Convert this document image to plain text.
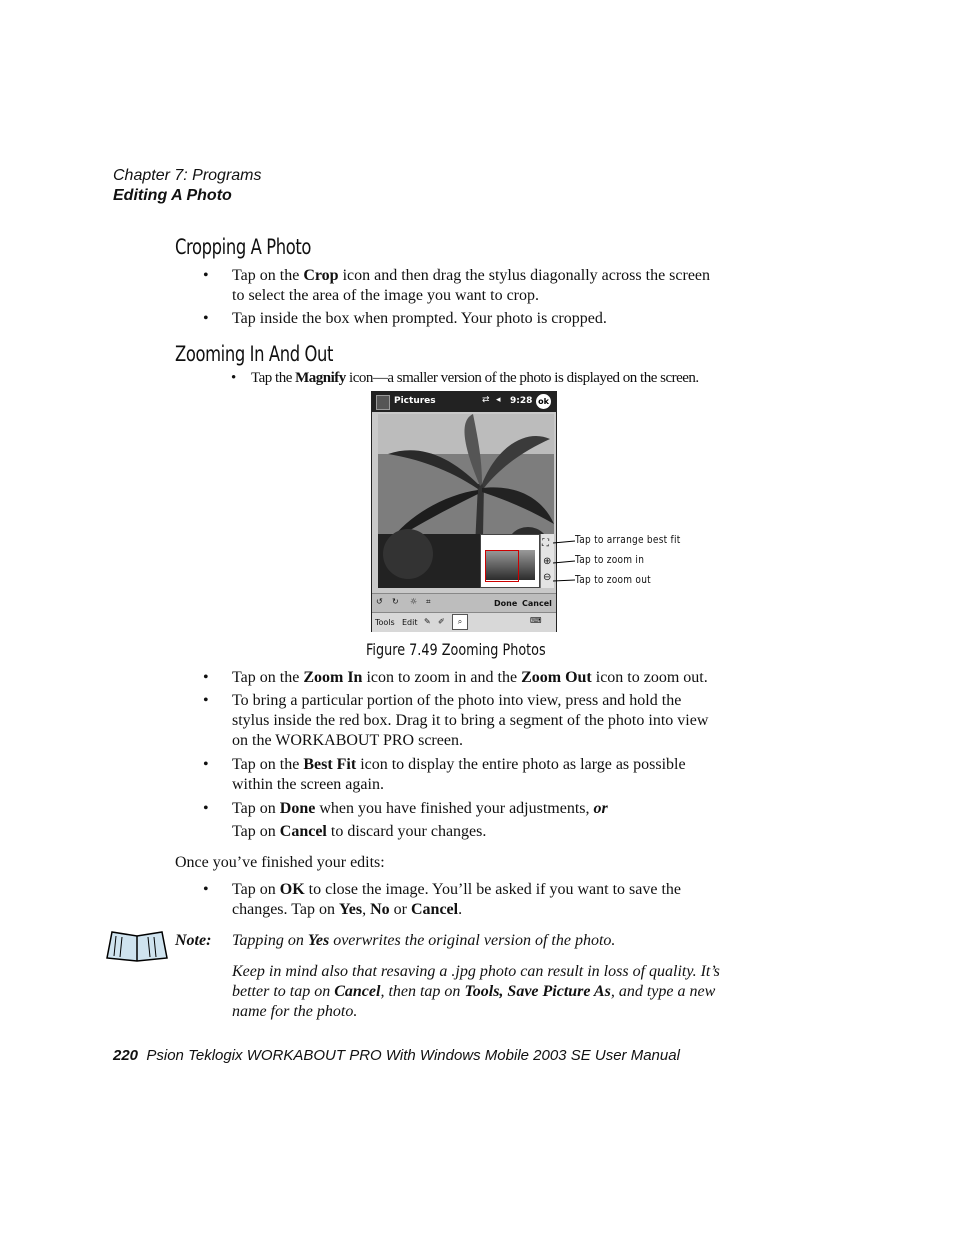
Chapter 7: Programs
Editing A Photo
Cropping A Photo
• Tap on the Crop icon and then drag the stylus diagonally across the screen
to select the area of the image you want to crop.
• Tap inside the box when prompted. Your photo is cropped.
Zooming In And Out
• Tap the Magnify icon—a smaller version of the photo is displayed on the screen.
Pictures	⇄ ◂ 9:28 ok
⛶
⊕
⊖
↺ ↻ ☼ ⌗	Done Cancel
Tools Edit ✎ ✐	⌕	⌨
Tap to arrange best fit
Tap to zoom in
Tap to zoom out
Figure 7.49 Zooming Photos
• Tap on the Zoom In icon to zoom in and the Zoom Out icon to zoom out.
• To bring a particular portion of the photo into view, press and hold the
stylus inside the red box. Drag it to bring a segment of the photo into view
on the WORKABOUT PRO screen.
• Tap on the Best Fit icon to display the entire photo as large as possible
within the screen again.
• Tap on Done when you have finished your adjustments, or
Tap on Cancel to discard your changes.
Once you’ve finished your edits:
• Tap on OK to close the image. You’ll be asked if you want to save the
changes. Tap on Yes, No or Cancel.
Note: Tapping on Yes overwrites the original version of the photo.
Keep in mind also that resaving a .jpg photo can result in loss of quality. It’s
better to tap on Cancel, then tap on Tools, Save Picture As, and type a new
name for the photo.
220 Psion Teklogix WORKABOUT PRO With Windows Mobile 2003 SE User Manual
